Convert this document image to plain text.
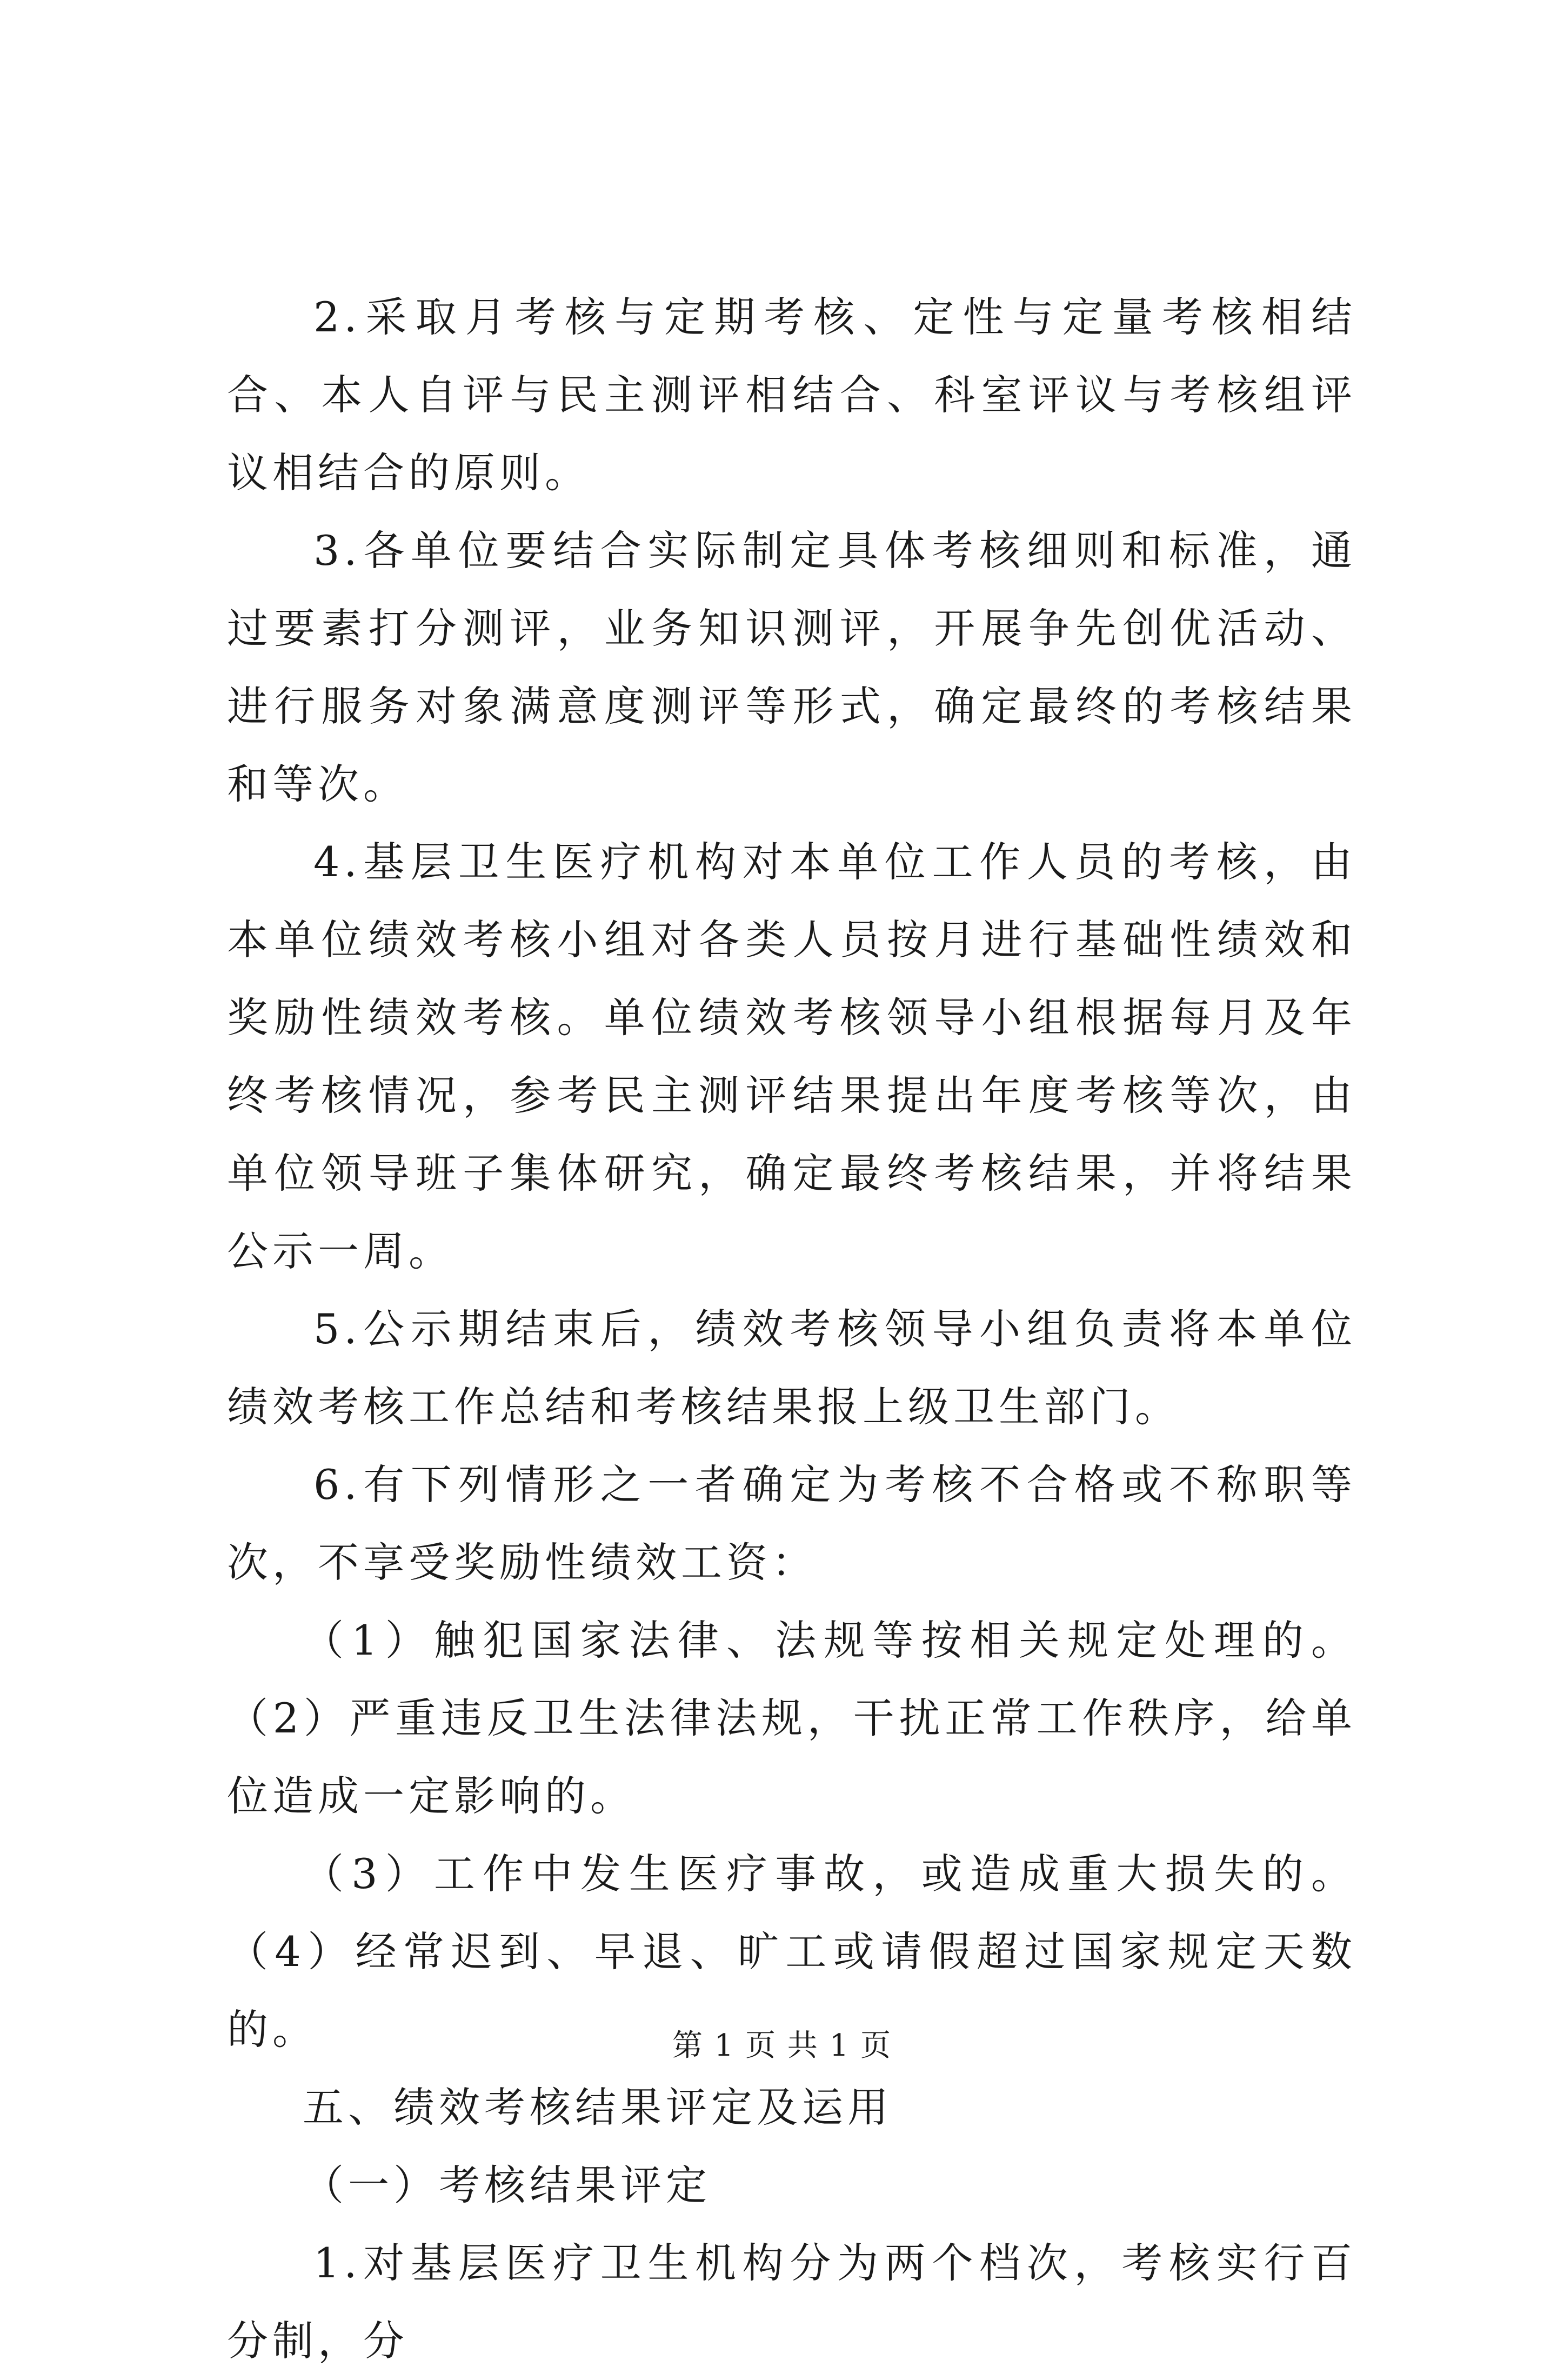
2.采取月考核与定期考核、定性与定量考核相结合、本人自评与民主测评相结合、科室评议与考核组评议相结合的原则。

3.各单位要结合实际制定具体考核细则和标准，通过要素打分测评，业务知识测评，开展争先创优活动、进行服务对象满意度测评等形式，确定最终的考核结果和等次。

4.基层卫生医疗机构对本单位工作人员的考核，由本单位绩效考核小组对各类人员按月进行基础性绩效和奖励性绩效考核。单位绩效考核领导小组根据每月及年终考核情况，参考民主测评结果提出年度考核等次，由单位领导班子集体研究，确定最终考核结果，并将结果公示一周。

5.公示期结束后，绩效考核领导小组负责将本单位绩效考核工作总结和考核结果报上级卫生部门。

6.有下列情形之一者确定为考核不合格或不称职等次，不享受奖励性绩效工资：

（1）触犯国家法律、法规等按相关规定处理的。（2）严重违反卫生法律法规，干扰正常工作秩序，给单位造成一定影响的。

（3）工作中发生医疗事故，或造成重大损失的。（4）经常迟到、早退、旷工或请假超过国家规定天数的。

五、绩效考核结果评定及运用

（一）考核结果评定

1.对基层医疗卫生机构分为两个档次，考核实行百分制，分

第 1 页 共 1 页
